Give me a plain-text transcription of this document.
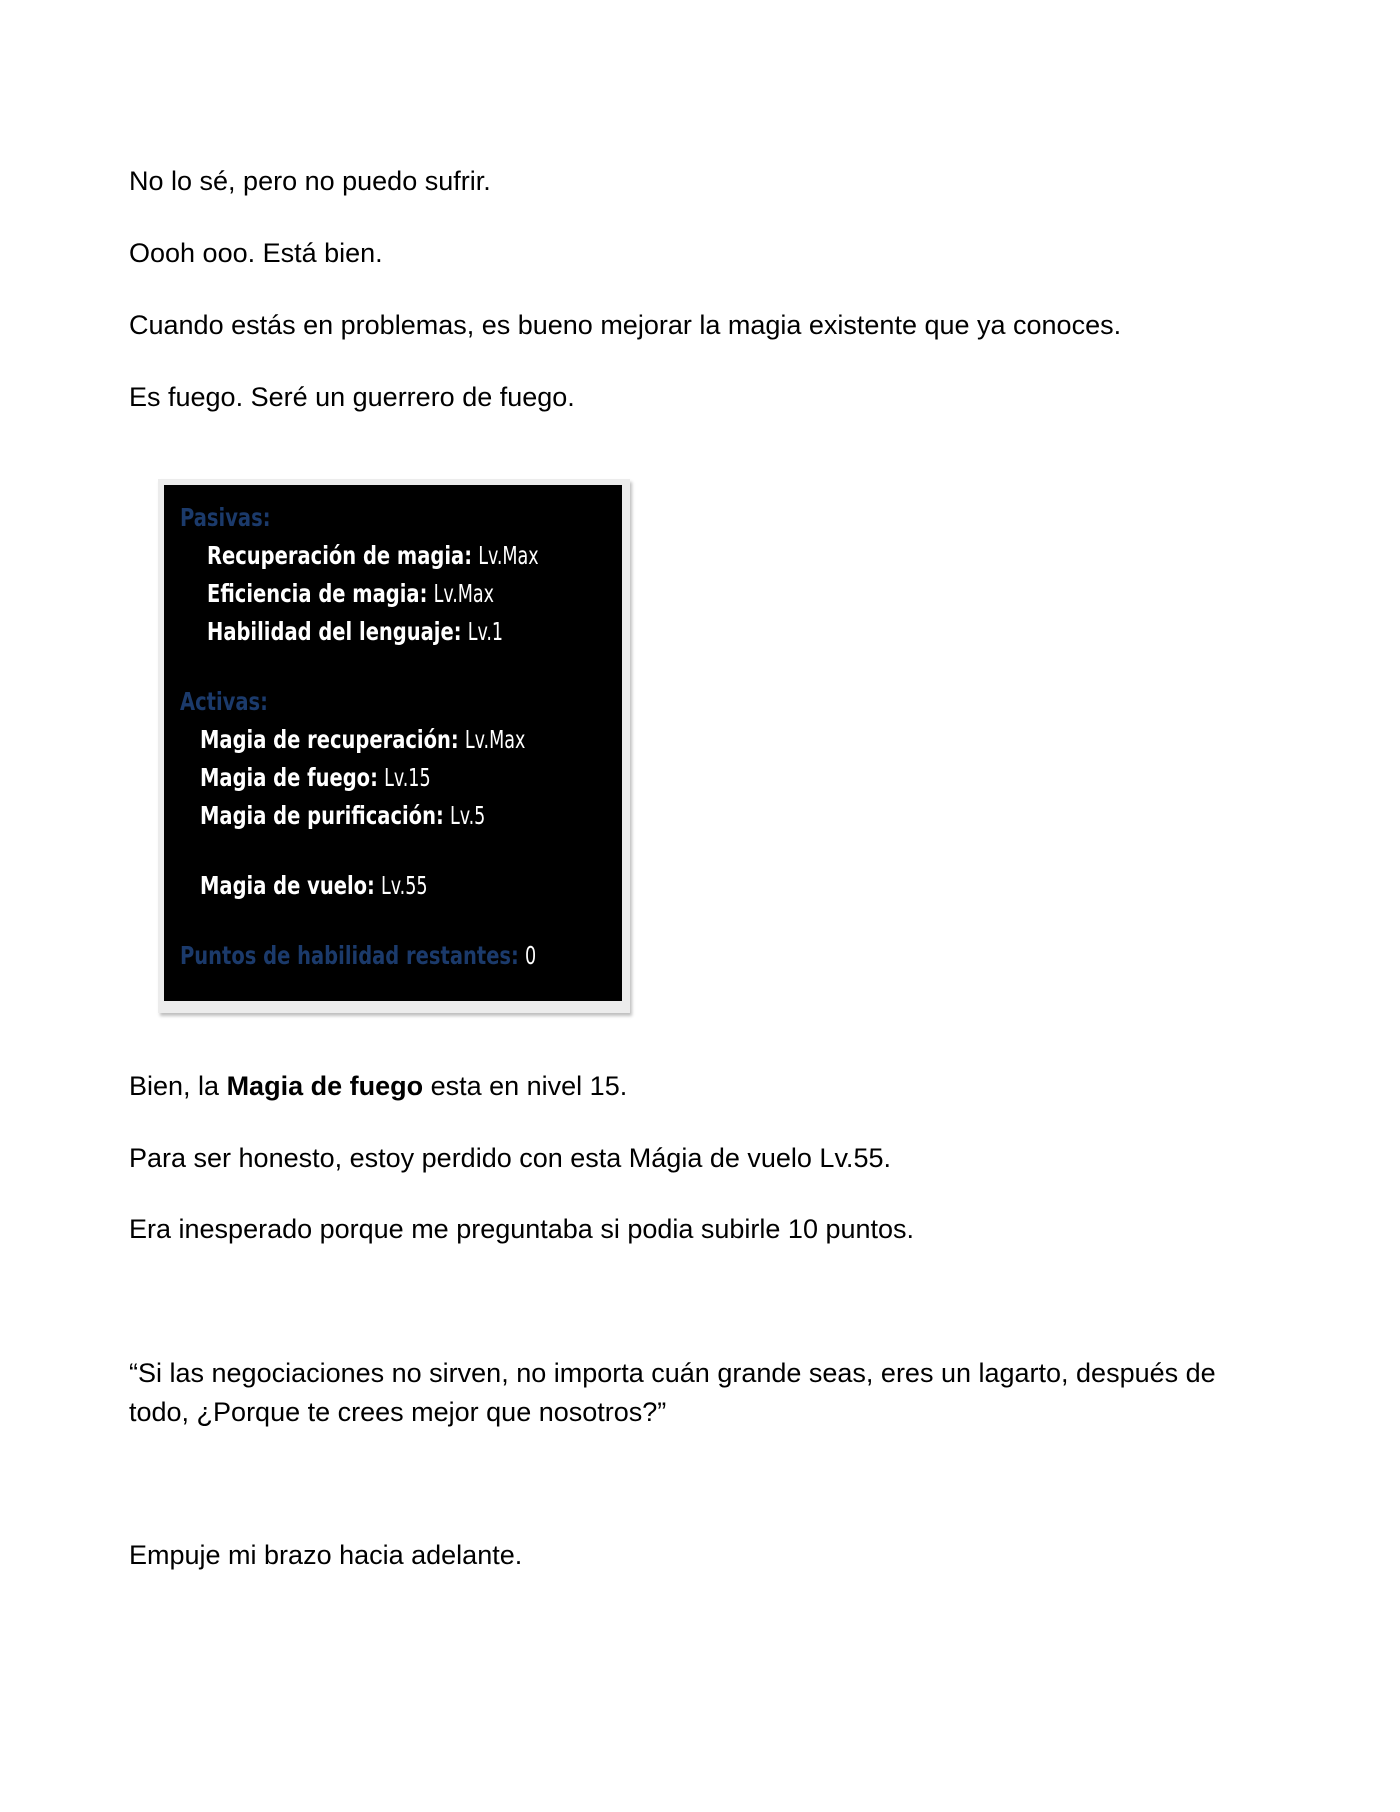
No lo sé, pero no puedo sufrir.

Oooh ooo. Está bien.

Cuando estás en problemas, es bueno mejorar la magia existente que ya conoces.

Es fuego. Seré un guerrero de fuego.

Pasivas:

Recuperación de magia: Lv.Max

Eficiencia de magia: Lv.Max

Habilidad del lenguaje: Lv.1

Activas:

Magia de recuperación: Lv.Max

Magia de fuego: Lv.15

Magia de purificación: Lv.5

Magia de vuelo: Lv.55

Puntos de habilidad restantes: 0

Bien, la Magia de fuego esta en nivel 15.

Para ser honesto, estoy perdido con esta Mágia de vuelo Lv.55.

Era inesperado porque me preguntaba si podia subirle 10 puntos.

“Si las negociaciones no sirven, no importa cuán grande seas, eres un lagarto, después de todo, ¿Porque te crees mejor que nosotros?”

Empuje mi brazo hacia adelante.
